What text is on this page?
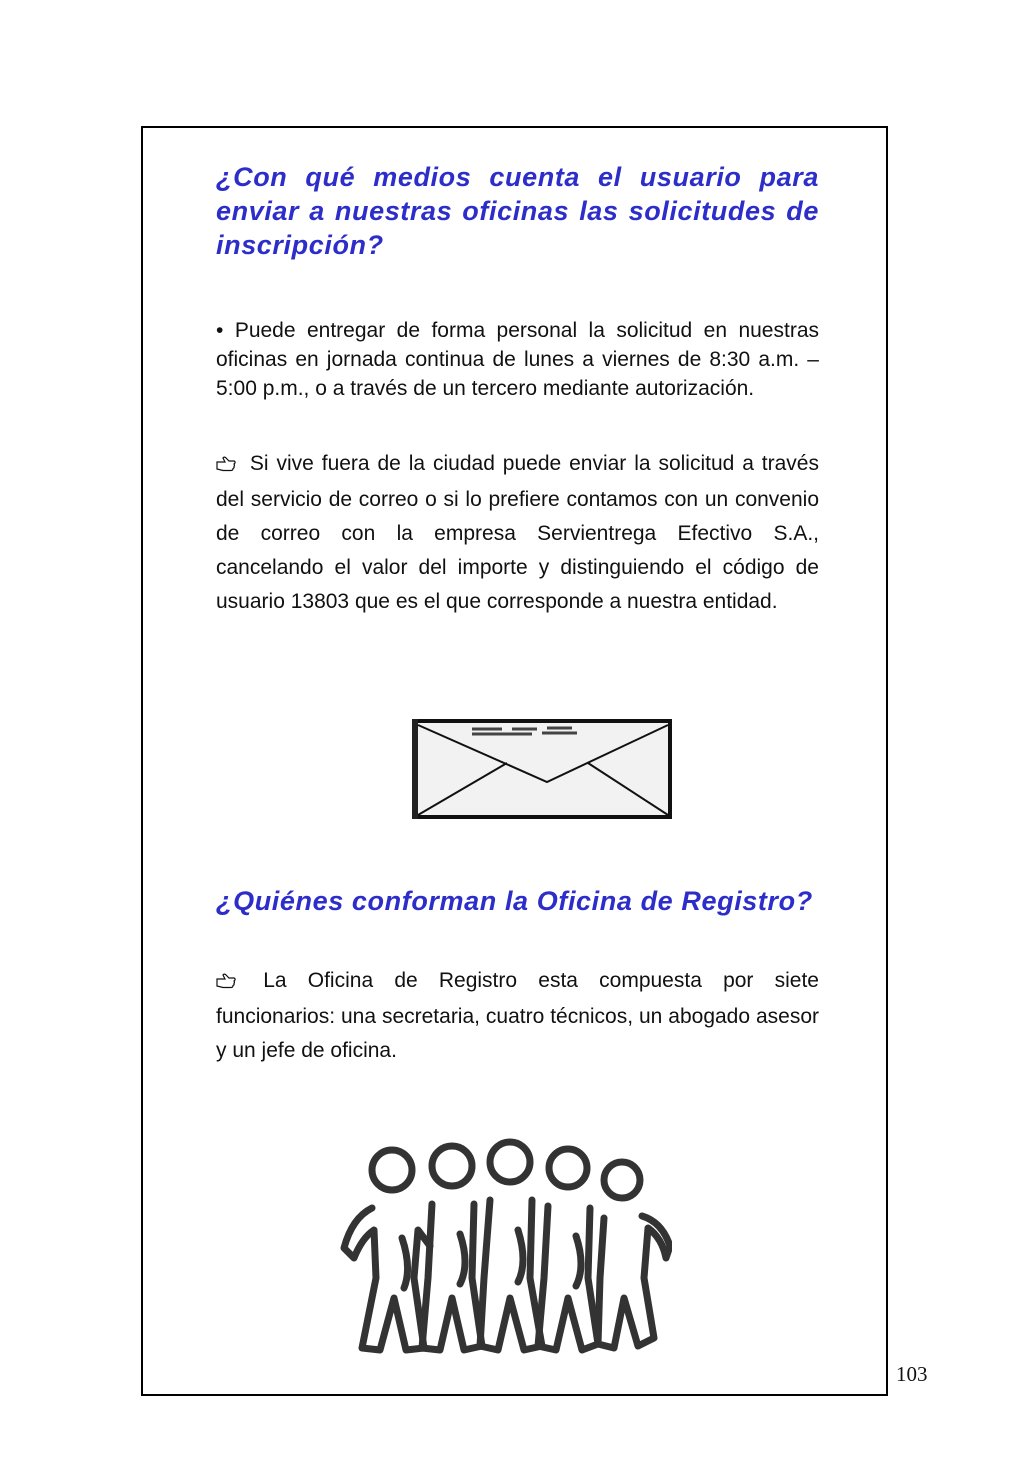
¿Con qué medios cuenta el usuario para enviar a nuestras oficinas las solicitudes de inscripción?

• Puede entregar de forma personal la solicitud en nuestras oficinas en jornada continua de lunes a viernes de 8:30 a.m. – 5:00 p.m., o a través de un tercero mediante autorización.

Si vive fuera de la ciudad puede enviar la solicitud a través del servicio de correo o si lo prefiere contamos con un convenio de correo con la empresa Servientrega Efectivo S.A., cancelando el valor del importe y distinguiendo el código de usuario 13803 que es el que corresponde a nuestra entidad.

¿Quiénes conforman la Oficina de Registro?

La Oficina de Registro esta compuesta por siete funcionarios: una secretaria, cuatro técnicos, un abogado asesor y un jefe de oficina.

103
